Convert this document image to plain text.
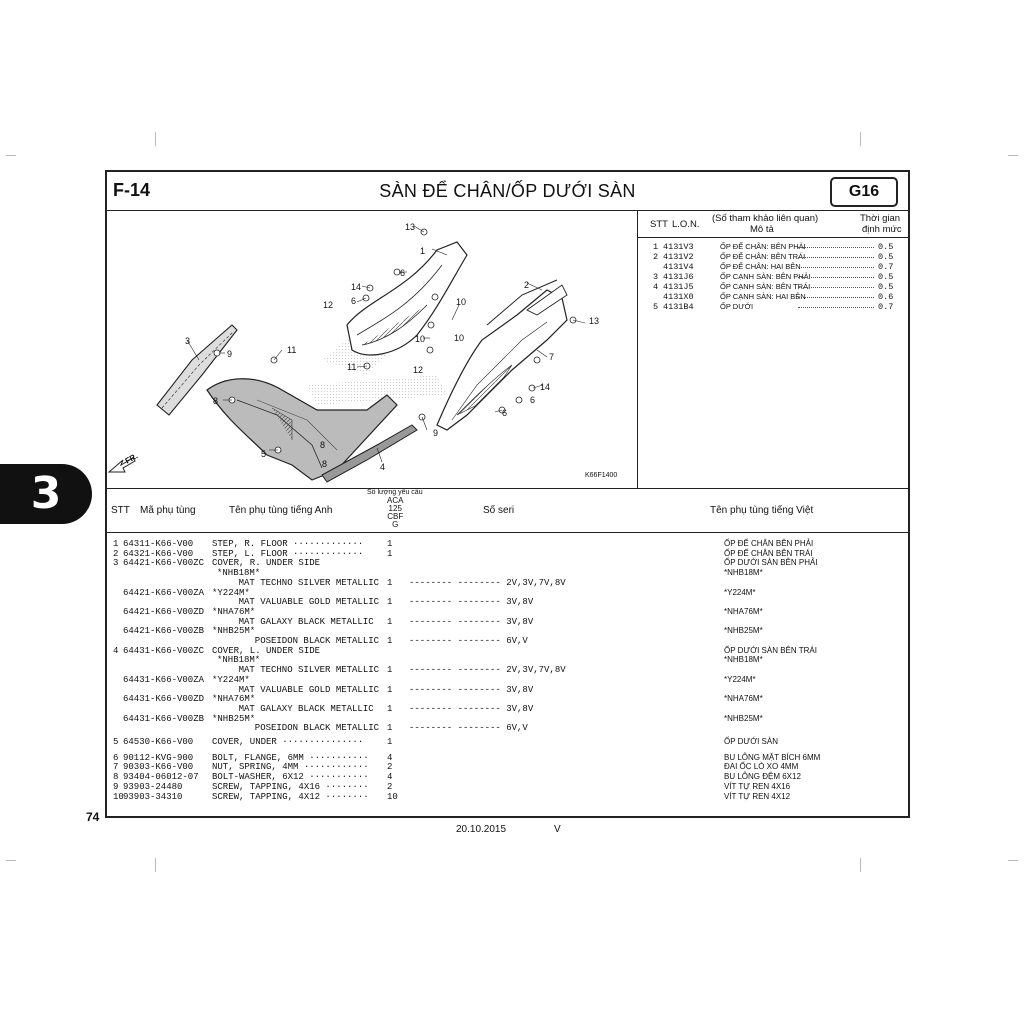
3
74
F-14	SÀN ĐỂ CHÂN/ỐP DƯỚI SÀN	G16
13
1
2
14
6
12 6	10
3
9
8
11
10	10
7
12
13
11
14
6
9
8
6
5
8	4
FR.
K66F1400
STT L.O.N.
(Số tham khảo liên quan)
Mô tả
Thời gian
định mức
1 4131V3	ỐP ĐỂ CHÂN: BÊN PHẢI	0.5
2 4131V2	ỐP ĐỂ CHÂN: BÊN TRÁI	0.5
4131V4	ỐP ĐỂ CHÂN: HAI BÊN	0.7
3 4131J6	ỐP CẠNH SÀN: BÊN PHẢI	0.5
4 4131J5	ỐP CẠNH SÀN: BÊN TRÁI	0.5
4131X0	ỐP CẠNH SÀN: HAI BÊN	0.6
5 4131B4	ỐP DƯỚI	0.7
STT Mã phụ tùng	Tên phụ tùng tiếng Anh
Số lượng yêu cầu
ACA
125
CBF
G
Số seri	Tên phụ tùng tiếng Việt
1 64311-K66-V00 STEP, R. FLOOR ·············	1	ỐP ĐỂ CHÂN BÊN PHẢI
2 64321-K66-V00 STEP, L. FLOOR ·············	1	ỐP ĐỂ CHÂN BÊN TRÁI
3 64421-K66-V00ZC COVER, R. UNDER SIDE	ỐP DƯỚI SÀN BÊN PHẢI
*NHB18M*	*NHB18M*
MAT TECHNO SILVER METALLIC 1 -------- -------- 2V,3V,7V,8V
64421-K66-V00ZA *Y224M*	*Y224M*
MAT VALUABLE GOLD METALLIC 1 -------- -------- 3V,8V
64421-K66-V00ZD *NHA76M*	*NHA76M*
MAT GALAXY BLACK METALLIC 1 -------- -------- 3V,8V
64421-K66-V00ZB *NHB25M*	*NHB25M*
POSEIDON BLACK METALLIC 1 -------- -------- 6V,V
4 64431-K66-V00ZC COVER, L. UNDER SIDE	ỐP DƯỚI SÀN BÊN TRÁI
*NHB18M*	*NHB18M*
MAT TECHNO SILVER METALLIC 1 -------- -------- 2V,3V,7V,8V
64431-K66-V00ZA *Y224M*	*Y224M*
MAT VALUABLE GOLD METALLIC 1 -------- -------- 3V,8V
64431-K66-V00ZD *NHA76M*	*NHA76M*
MAT GALAXY BLACK METALLIC 1 -------- -------- 3V,8V
64431-K66-V00ZB *NHB25M*	*NHB25M*
POSEIDON BLACK METALLIC 1 -------- -------- 6V,V
5 64530-K66-V00 COVER, UNDER ···············	1	ỐP DƯỚI SÀN
6 90112-KVG-900 BOLT, FLANGE, 6MM ··········· 4	BU LÔNG MẶT BÍCH 6MM
7 90303-K66-V00 NUT, SPRING, 4MM ············ 2	ĐAI ỐC LÒ XO 4MM
8 93404-06012-07 BOLT-WASHER, 6X12 ··········· 4	BU LÔNG ĐỆM 6X12
9 93903-24480	SCREW, TAPPING, 4X16 ········ 2	VÍT TỰ REN 4X16
10 93903-34310	SCREW, TAPPING, 4X12 ········ 10	VÍT TỰ REN 4X12
20.10.2015	V
